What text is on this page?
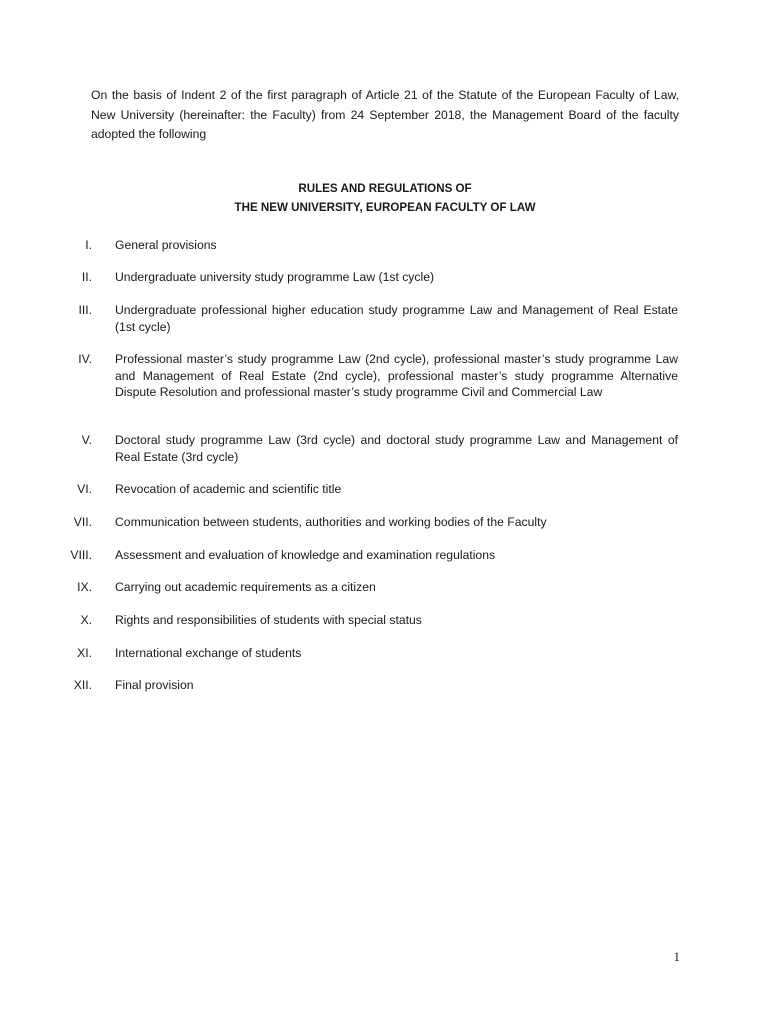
On the basis of Indent 2 of the first paragraph of Article 21 of the Statute of the European Faculty of Law, New University (hereinafter: the Faculty) from 24 September 2018, the Management Board of the faculty adopted the following

RULES AND REGULATIONS OF
THE NEW UNIVERSITY, EUROPEAN FACULTY OF LAW
I. General provisions
II. Undergraduate university study programme Law (1st cycle)
III. Undergraduate professional higher education study programme Law and Management of Real Estate (1st cycle)
IV. Professional master’s study programme Law (2nd cycle), professional master’s study programme Law and Management of Real Estate (2nd cycle), professional master’s study programme Alternative Dispute Resolution and professional master’s study programme Civil and Commercial Law
V. Doctoral study programme Law (3rd cycle) and doctoral study programme Law and Management of Real Estate (3rd cycle)
VI. Revocation of academic and scientific title
VII. Communication between students, authorities and working bodies of the Faculty
VIII. Assessment and evaluation of knowledge and examination regulations
IX. Carrying out academic requirements as a citizen
X. Rights and responsibilities of students with special status
XI. International exchange of students
XII. Final provision
1
